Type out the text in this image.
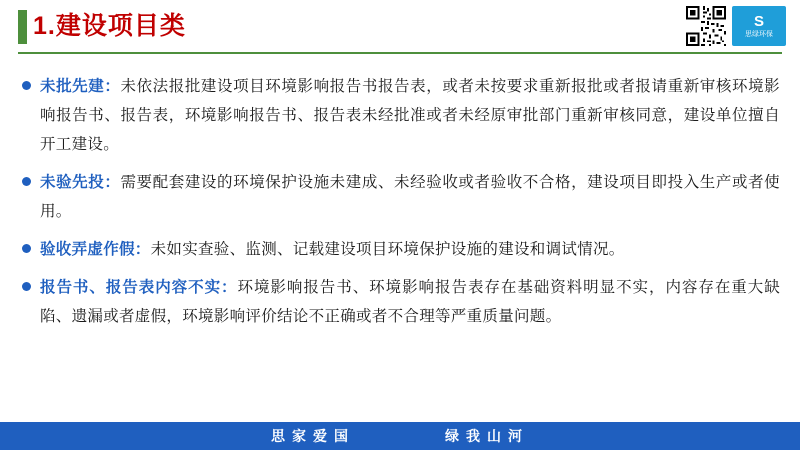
1.建设项目类	S
思绿环保
未批先建：未依法报批建设项目环境影响报告书报告表，或者未按要求重新报批或者报请重新审核环境影响报告书、报告表，环境影响报告书、报告表未经批准或者未经原审批部门重新审核同意，建设单位擅自开工建设。
未验先投：需要配套建设的环境保护设施未建成、未经验收或者验收不合格，建设项目即投入生产或者使用。
验收弄虚作假：未如实查验、监测、记载建设项目环境保护设施的建设和调试情况。
报告书、报告表内容不实：环境影响报告书、环境影响报告表存在基础资料明显不实，内容存在重大缺陷、遗漏或者虚假，环境影响评价结论不正确或者不合理等严重质量问题。
思家爱国	绿我山河
